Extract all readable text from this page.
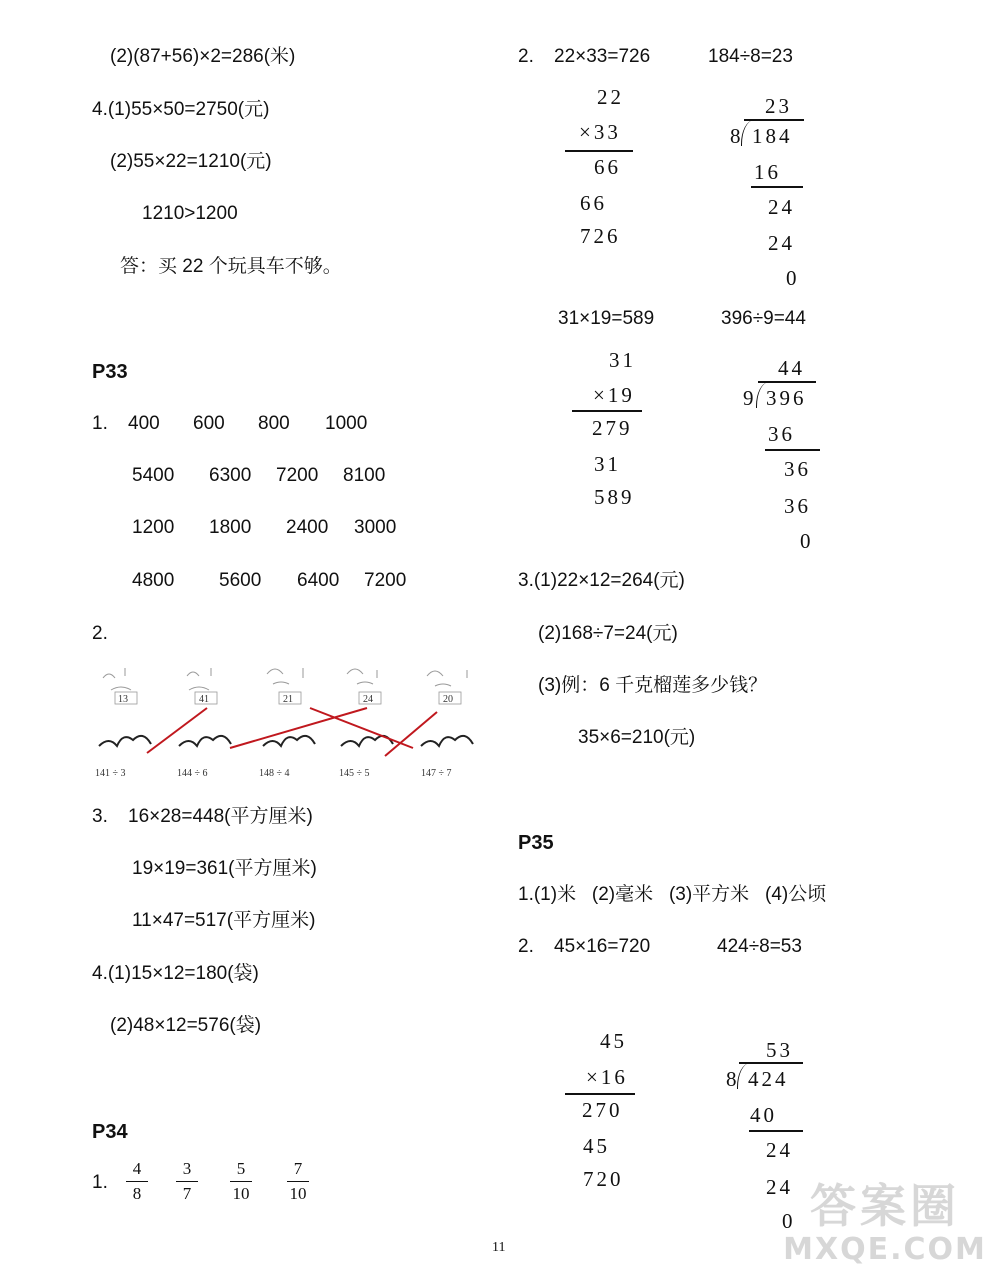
(2)(87+56)×2=286(米)
4.(1)55×50=2750(元)
(2)55×22=1210(元)
1210>1200
答：买 22 个玩具车不够。
P33
1. 400 600 800 1000
5400 6300 7200 8100
1200 1800 2400 3000
4800 5600 6400 7200
2.
13	41	21	24	20
141 ÷ 3	144 ÷ 6	148 ÷ 4	145 ÷ 5	147 ÷ 7
3. 16×28=448(平方厘米)
19×19=361(平方厘米)
11×47=517(平方厘米)
4.(1)15×12=180(袋)
(2)48×12=576(袋)
P34
1.
4
8
3
7
5
10
7
10
2. 22×33=726	184÷8=23
22
×33
66
66
726
23
8 184
16
24
24
0
31×19=589	396÷9=44
31
×19
279
31
589
44
9 396
36
36
36
0
3.(1)22×12=264(元)
(2)168÷7=24(元)
(3)例：6 千克榴莲多少钱？
35×6=210(元)
P35
1.(1)米   (2)毫米   (3)平方米   (4)公顷
2. 45×16=720	424÷8=53
45
×16
270
45
720
53
8 424
40
24
24
0
11
答案圈
MXQE.COM
